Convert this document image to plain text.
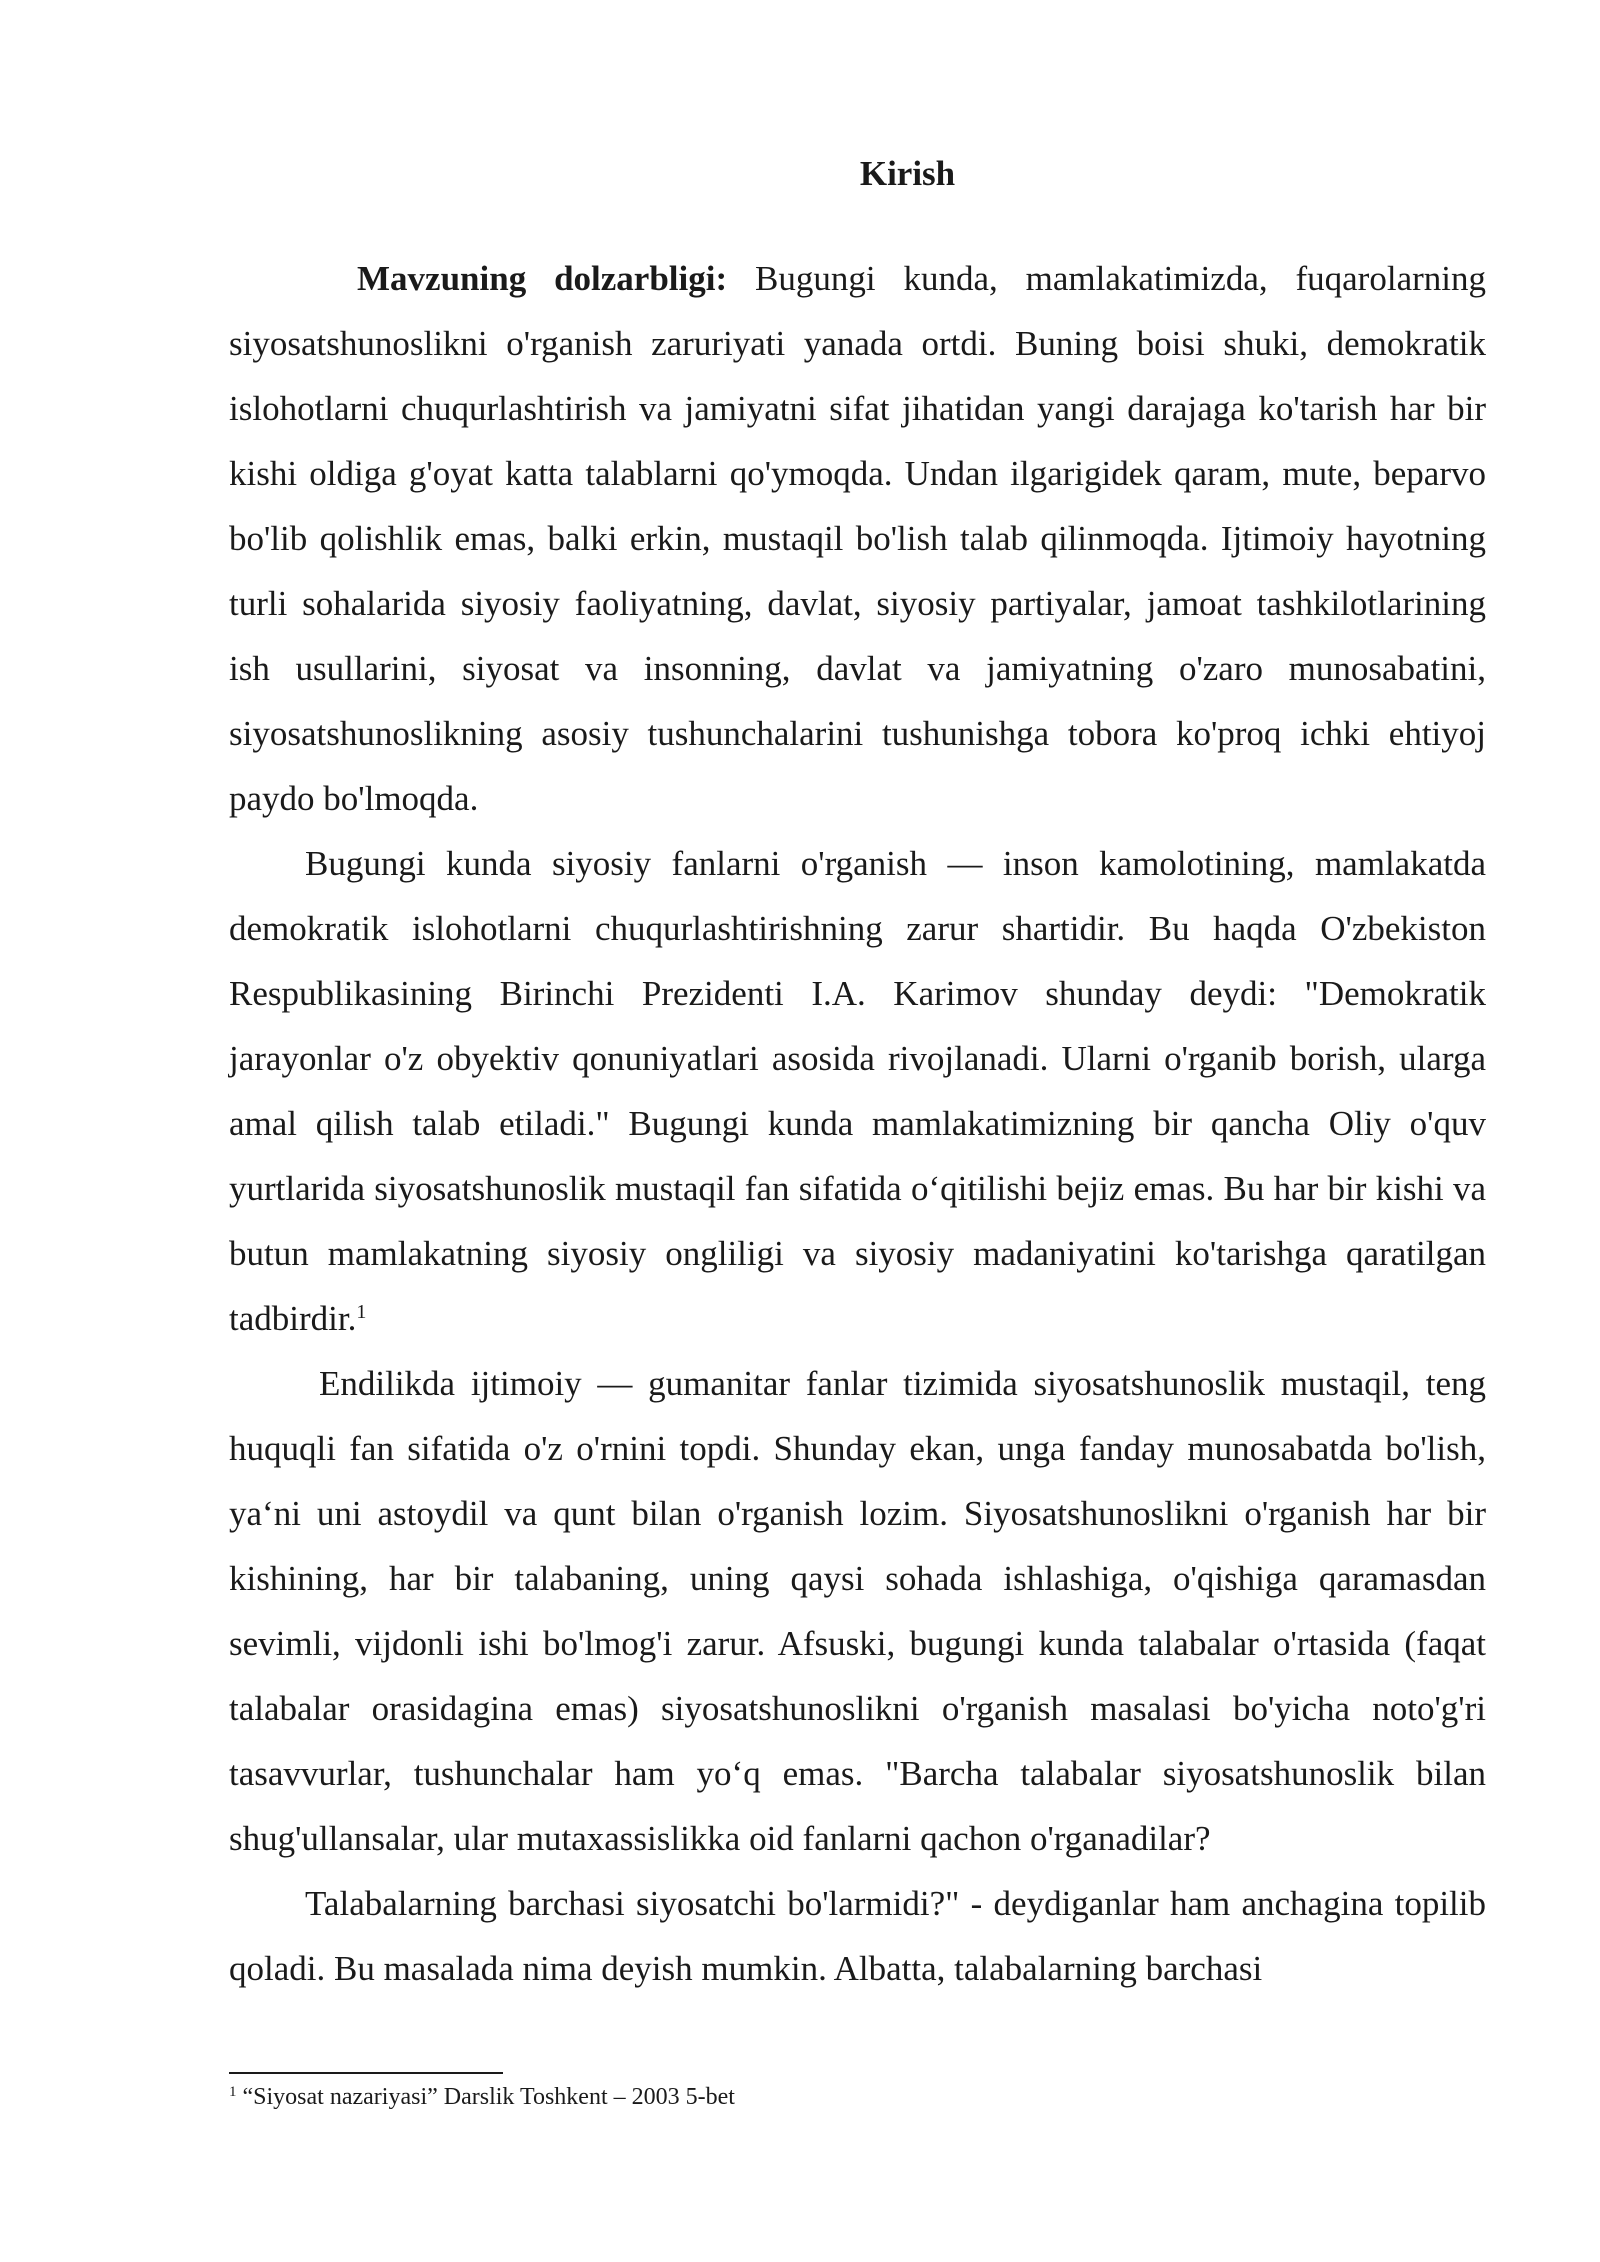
Kirish

Mavzuning dolzarbligi: Bugungi kunda, mamlakatimizda, fuqarolarning siyosatshunoslikni o'rganish zaruriyati yanada ortdi. Buning boisi shuki, demokratik islohotlarni chuqurlashtirish va jamiyatni sifat jihatidan yangi darajaga ko'tarish har bir kishi oldiga g'oyat katta talablarni qo'ymoqda. Undan ilgarigidek qaram, mute, beparvo bo'lib qolishlik emas, balki erkin, mustaqil bo'lish talab qilinmoqda. Ijtimoiy hayotning turli sohalarida siyosiy faoliyatning, davlat, siyosiy partiyalar, jamoat tashkilotlarining ish usullarini, siyosat va insonning, davlat va jamiyatning o'zaro munosabatini, siyosatshunoslikning asosiy tushunchalarini tushunishga tobora ko'proq ichki ehtiyoj paydo bo'lmoqda.

Bugungi kunda siyosiy fanlarni o'rganish — inson kamolotining, mamlakatda demokratik islohotlarni chuqurlashtirishning zarur shartidir. Bu haqda O'zbekiston Respublikasining Birinchi Prezidenti I.A. Karimov shunday deydi: "Demokratik jarayonlar o'z obyektiv qonuniyatlari asosida rivojlanadi. Ularni o'rganib borish, ularga amal qilish talab etiladi." Bugungi kunda mamlakatimizning bir qancha Oliy o'quv yurtlarida siyosatshunoslik mustaqil fan sifatida oʻqitilishi bejiz emas. Bu har bir kishi va butun mamlakatning siyosiy ongliligi va siyosiy madaniyatini ko'tarishga qaratilgan tadbirdir.$^1$

Endilikda ijtimoiy — gumanitar fanlar tizimida siyosatshunoslik mustaqil, teng huquqli fan sifatida o'z o'rnini topdi. Shunday ekan, unga fanday munosabatda bo'lish, yaʻni uni astoydil va qunt bilan o'rganish lozim. Siyosatshunoslikni o'rganish har bir kishining, har bir talabaning, uning qaysi sohada ishlashiga, o'qishiga qaramasdan sevimli, vijdonli ishi bo'lmog'i zarur. Afsuski, bugungi kunda talabalar o'rtasida (faqat talabalar orasidagina emas) siyosatshunoslikni o'rganish masalasi bo'yicha noto'g'ri tasavvurlar, tushunchalar ham yoʻq emas. "Barcha talabalar siyosatshunoslik bilan shug'ullansalar, ular mutaxassislikka oid fanlarni qachon o'rganadilar?

Talabalarning barchasi siyosatchi bo'larmidi?" - deydiganlar ham anchagina topilib qoladi. Bu masalada nima deyish mumkin. Albatta, talabalarning barchasi

$^1$ “Siyosat nazariyasi” Darslik Toshkent – 2003 5-bet
